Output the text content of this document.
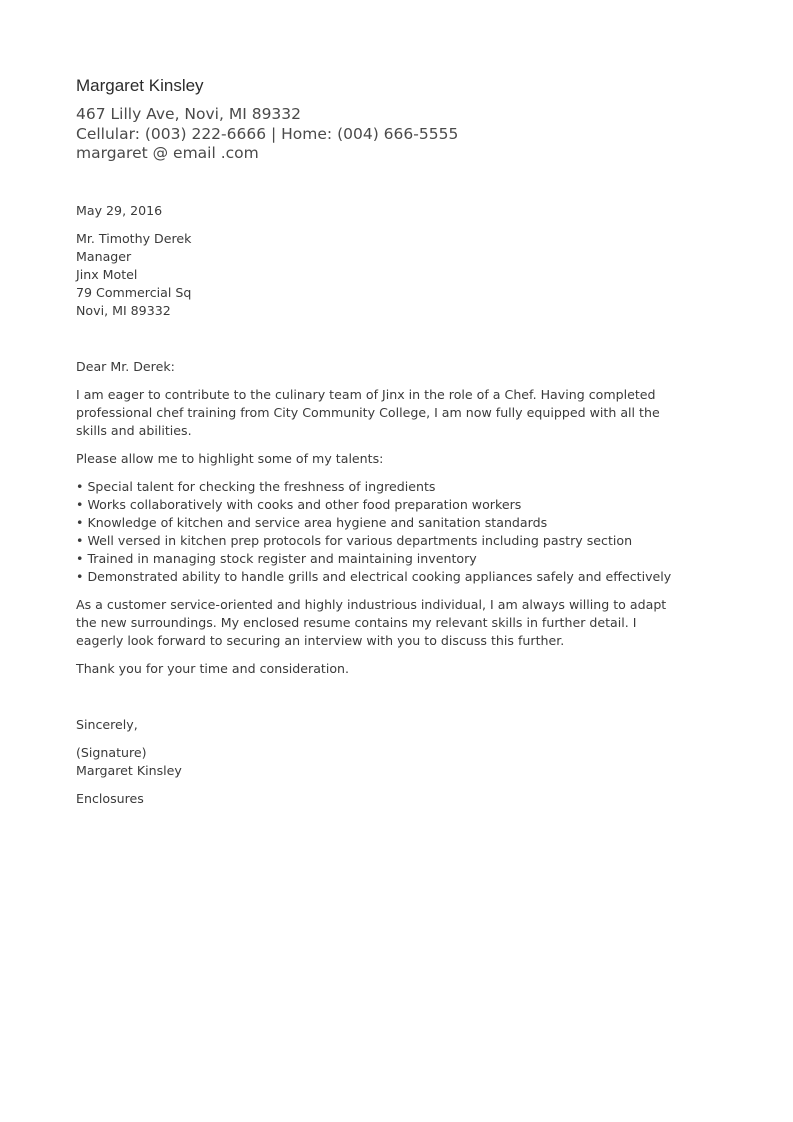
Margaret Kinsley
467 Lilly Ave, Novi, MI 89332
Cellular: (003) 222-6666 | Home: (004) 666-5555
margaret @ email .com
May 29, 2016
Mr. Timothy Derek
Manager
Jinx Motel
79 Commercial Sq
Novi, MI 89332
Dear Mr. Derek:
I am eager to contribute to the culinary team of Jinx in the role of a Chef. Having completed
professional chef training from City Community College, I am now fully equipped with all the
skills and abilities.
Please allow me to highlight some of my talents:
• Special talent for checking the freshness of ingredients
• Works collaboratively with cooks and other food preparation workers
• Knowledge of kitchen and service area hygiene and sanitation standards
• Well versed in kitchen prep protocols for various departments including pastry section
• Trained in managing stock register and maintaining inventory
• Demonstrated ability to handle grills and electrical cooking appliances safely and effectively
As a customer service-oriented and highly industrious individual, I am always willing to adapt
the new surroundings. My enclosed resume contains my relevant skills in further detail. I
eagerly look forward to securing an interview with you to discuss this further.
Thank you for your time and consideration.
Sincerely,
(Signature)
Margaret Kinsley
Enclosures
